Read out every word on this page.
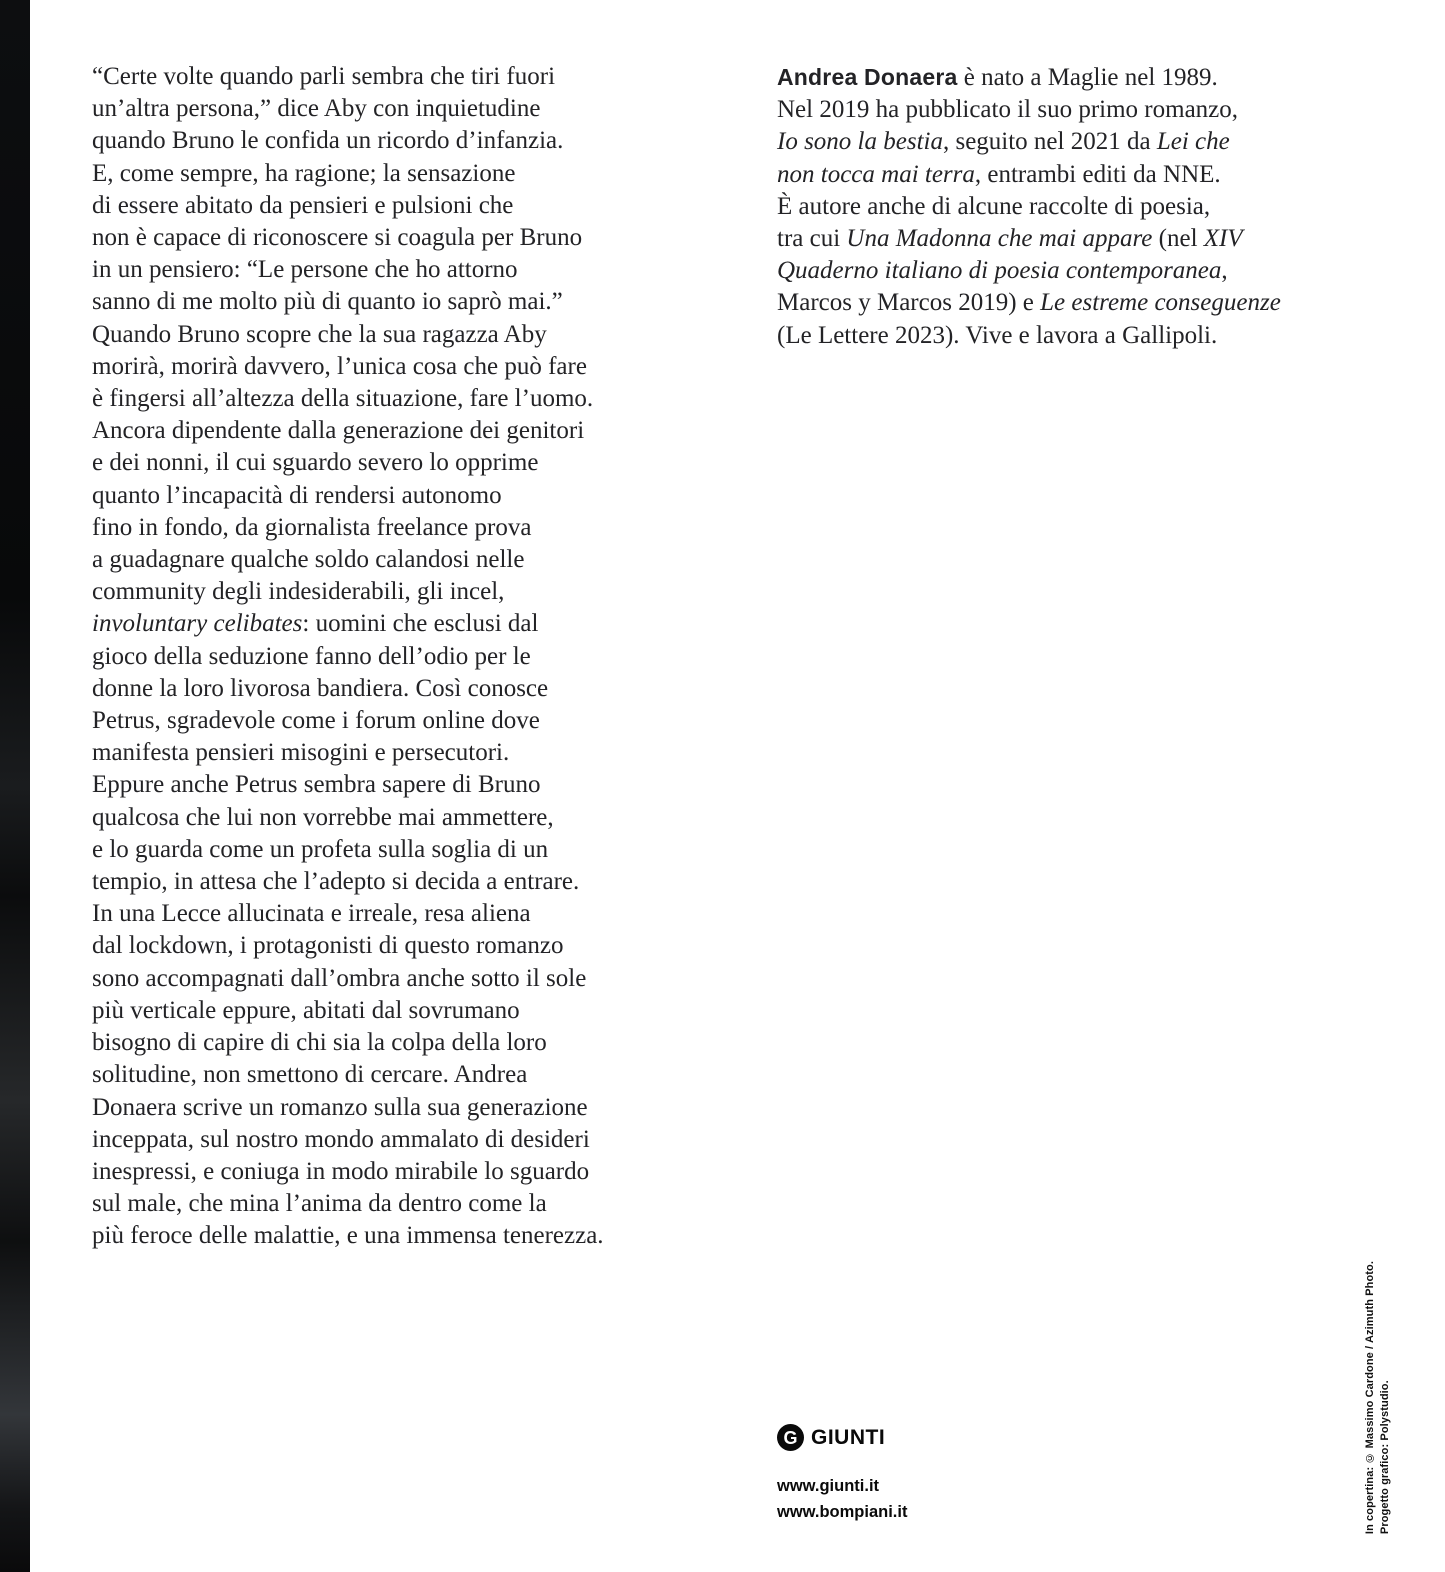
“Certe volte quando parli sembra che tiri fuori
un’altra persona,” dice Aby con inquietudine
quando Bruno le confida un ricordo d’infanzia.
E, come sempre, ha ragione; la sensazione
di essere abitato da pensieri e pulsioni che
non è capace di riconoscere si coagula per Bruno
in un pensiero: “Le persone che ho attorno
sanno di me molto più di quanto io saprò mai.”
Quando Bruno scopre che la sua ragazza Aby
morirà, morirà davvero, l’unica cosa che può fare
è fingersi all’altezza della situazione, fare l’uomo.
Ancora dipendente dalla generazione dei genitori
e dei nonni, il cui sguardo severo lo opprime
quanto l’incapacità di rendersi autonomo
fino in fondo, da giornalista freelance prova
a guadagnare qualche soldo calandosi nelle
community degli indesiderabili, gli incel,
involuntary celibates: uomini che esclusi dal
gioco della seduzione fanno dell’odio per le
donne la loro livorosa bandiera. Così conosce
Petrus, sgradevole come i forum online dove
manifesta pensieri misogini e persecutori.
Eppure anche Petrus sembra sapere di Bruno
qualcosa che lui non vorrebbe mai ammettere,
e lo guarda come un profeta sulla soglia di un
tempio, in attesa che l’adepto si decida a entrare.
In una Lecce allucinata e irreale, resa aliena
dal lockdown, i protagonisti di questo romanzo
sono accompagnati dall’ombra anche sotto il sole
più verticale eppure, abitati dal sovrumano
bisogno di capire di chi sia la colpa della loro
solitudine, non smettono di cercare. Andrea
Donaera scrive un romanzo sulla sua generazione
inceppata, sul nostro mondo ammalato di desideri
inespressi, e coniuga in modo mirabile lo sguardo
sul male, che mina l’anima da dentro come la
più feroce delle malattie, e una immensa tenerezza.
Andrea Donaera è nato a Maglie nel 1989.
Nel 2019 ha pubblicato il suo primo romanzo,
Io sono la bestia, seguito nel 2021 da Lei che
non tocca mai terra, entrambi editi da NNE.
È autore anche di alcune raccolte di poesia,
tra cui Una Madonna che mai appare (nel XIV
Quaderno italiano di poesia contemporanea,
Marcos y Marcos 2019) e Le estreme conseguenze
(Le Lettere 2023). Vive e lavora a Gallipoli.
G GIUNTI
www.giunti.it
www.bompiani.it	In copertina: © Massimo Cardone / Azimuth Photo. Progetto grafico: Polystudio.
